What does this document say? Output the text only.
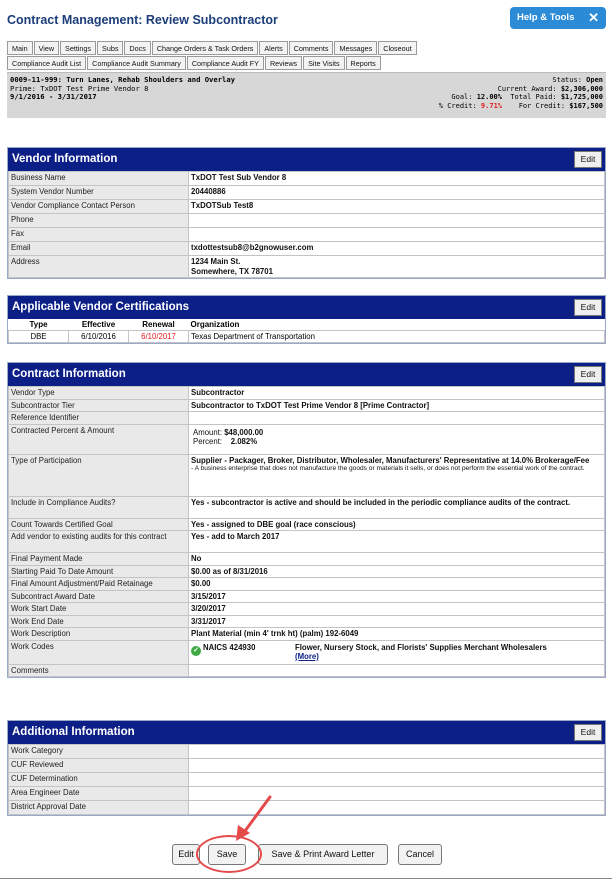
Contract Management: Review Subcontractor	Help & Tools ✕
Main	View	Settings	Subs	Docs	Change Orders & Task Orders	Alerts	Comments	Messages	Closeout
Compliance Audit List	Compliance Audit Summary	Compliance Audit FY	Reviews	Site Visits	Reports
0009-11-999: Turn Lanes, Rehab Shoulders and Overlay
Prime: TxDOT Test Prime Vendor 8
9/1/2016 - 3/31/2017
Status: Open
Current Award: $2,306,000
Total Paid: $1,725,000
For Credit: $167,500
Goal: 12.00%
% Credit: 9.71%
Vendor Information	Edit
Business Name	TxDOT Test Sub Vendor 8
System Vendor Number	20440886
Vendor Compliance Contact Person	TxDOTSub Test8
Phone	
Fax	
Email	txdottestsub8@b2gnowuser.com
Address	1234 Main St.
Somewhere, TX 78701
Applicable Vendor Certifications	Edit
Type	Effective	Renewal	Organization
DBE	6/10/2016	6/10/2017	Texas Department of Transportation
Contract Information	Edit
Vendor Type	Subcontractor
Subcontractor Tier	Subcontractor to TxDOT Test Prime Vendor 8 [Prime Contractor]
Reference Identifier	
Contracted Percent & Amount	Amount: $48,000.00
Percent: 2.082%

Type of Participation	Supplier - Packager, Broker, Distributor, Wholesaler, Manufacturers' Representative at 14.0% Brokerage/Fee
- A business enterprise that does not manufacture the goods or materials it sells, or does not perform the essential work of the contract.

Include in Compliance Audits?	Yes - subcontractor is active and should be included in the periodic compliance audits of the contract.
Count Towards Certified Goal	Yes - assigned to DBE goal (race conscious)
Add vendor to existing audits for this contract	Yes - add to March 2017
Final Payment Made	No
Starting Paid To Date Amount	$0.00 as of 8/31/2016
Final Amount Adjustment/Paid Retainage	$0.00
Subcontract Award Date	3/15/2017
Work Start Date	3/20/2017
Work End Date	3/31/2017
Work Description	Plant Material (min 4' trnk ht) (palm) 192-6049
Work Codes	✓ NAICS 424930 Flower, Nursery Stock, and Florists' Supplies Merchant Wholesalers
(More)

Comments	
Additional Information	Edit
Work Category	
CUF Reviewed	
CUF Determination	
Area Engineer Date	
District Approval Date	
Edit	Save	Save & Print Award Letter	Cancel
